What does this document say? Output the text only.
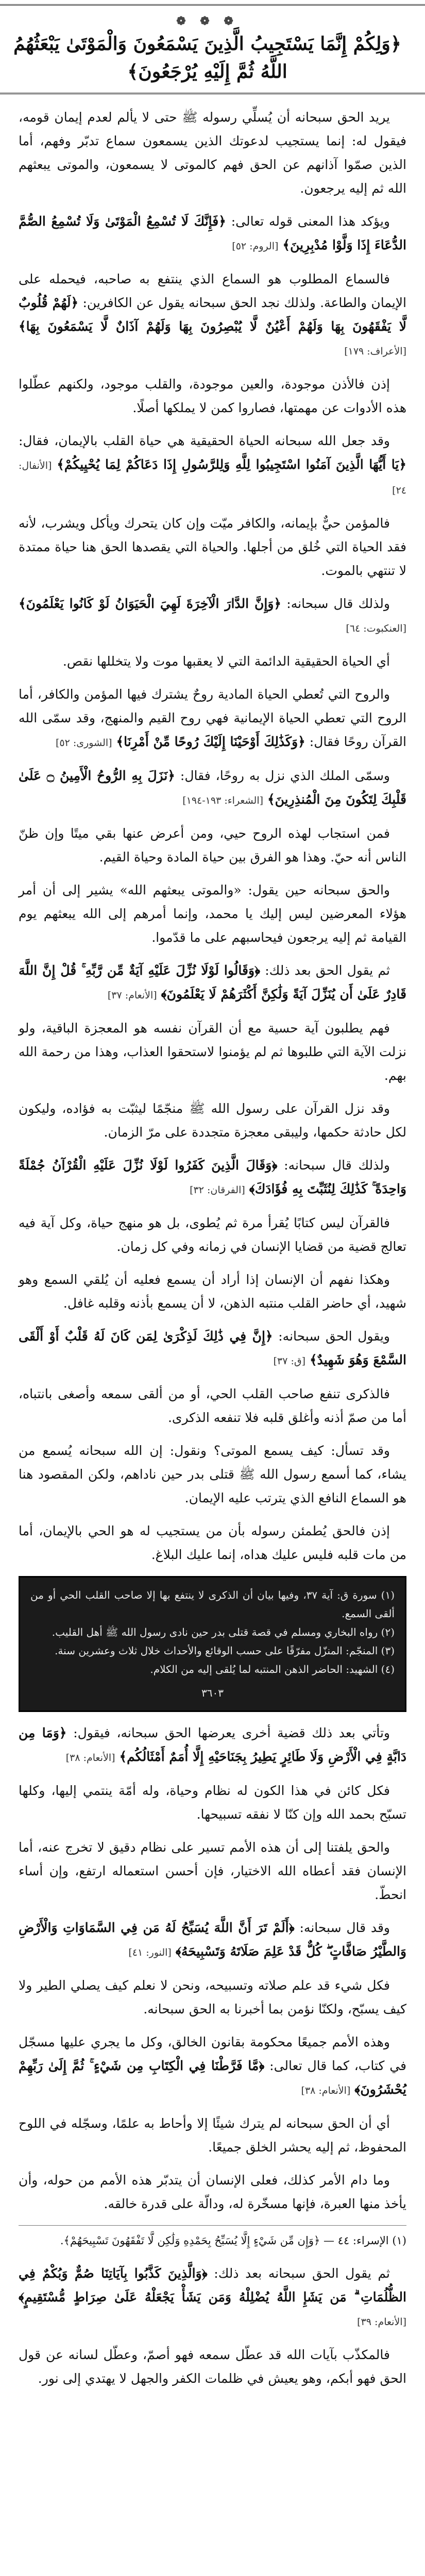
❁ ❁ ❁
﴿وَلِكُمْ إِنَّمَا يَسْتَجِيبُ الَّذِينَ يَسْمَعُونَ وَالْمَوْتَىٰ يَبْعَثُهُمُ اللَّهُ ثُمَّ إِلَيْهِ يُرْجَعُونَ﴾

يريد الحق سبحانه أن يُسلِّي رسوله ﷺ حتى لا يألم لعدم إيمان قومه، فيقول له: إنما يستجيب لدعوتك الذين يسمعون سماع تدبّر وفهم، أما الذين صمّوا آذانهم عن الحق فهم كالموتى لا يسمعون، والموتى يبعثهم الله ثم إليه يرجعون.

ويؤكد هذا المعنى قوله تعالى: ﴿فَإِنَّكَ لَا تُسْمِعُ الْمَوْتَىٰ وَلَا تُسْمِعُ الصُّمَّ الدُّعَاءَ إِذَا وَلَّوْا مُدْبِرِينَ﴾ [الروم: ٥٢]

فالسماع المطلوب هو السماع الذي ينتفع به صاحبه، فيحمله على الإيمان والطاعة. ولذلك نجد الحق سبحانه يقول عن الكافرين: ﴿لَهُمْ قُلُوبٌ لَّا يَفْقَهُونَ بِهَا وَلَهُمْ أَعْيُنٌ لَّا يُبْصِرُونَ بِهَا وَلَهُمْ آذَانٌ لَّا يَسْمَعُونَ بِهَا﴾ [الأعراف: ١٧٩]

إذن فالأذن موجودة، والعين موجودة، والقلب موجود، ولكنهم عطّلوا هذه الأدوات عن مهمتها، فصاروا كمن لا يملكها أصلًا.

وقد جعل الله سبحانه الحياة الحقيقية هي حياة القلب بالإيمان، فقال: ﴿يَا أَيُّهَا الَّذِينَ آمَنُوا اسْتَجِيبُوا لِلَّهِ وَلِلرَّسُولِ إِذَا دَعَاكُمْ لِمَا يُحْيِيكُمْ﴾ [الأنفال: ٢٤]

فالمؤمن حيٌّ بإيمانه، والكافر ميّت وإن كان يتحرك ويأكل ويشرب، لأنه فقد الحياة التي خُلق من أجلها. والحياة التي يقصدها الحق هنا حياة ممتدة لا تنتهي بالموت.

ولذلك قال سبحانه: ﴿وَإِنَّ الدَّارَ الْآخِرَةَ لَهِيَ الْحَيَوَانُ لَوْ كَانُوا يَعْلَمُونَ﴾ [العنكبوت: ٦٤]

أي الحياة الحقيقية الدائمة التي لا يعقبها موت ولا يتخللها نقص.

والروح التي تُعطي الحياة المادية روحٌ يشترك فيها المؤمن والكافر، أما الروح التي تعطي الحياة الإيمانية فهي روح القيم والمنهج، وقد سمّى الله القرآن روحًا فقال: ﴿وَكَذَٰلِكَ أَوْحَيْنَا إِلَيْكَ رُوحًا مِّنْ أَمْرِنَا﴾ [الشورى: ٥٢]

وسمّى الملك الذي نزل به روحًا، فقال: ﴿نَزَلَ بِهِ الرُّوحُ الْأَمِينُ ۝ عَلَىٰ قَلْبِكَ لِتَكُونَ مِنَ الْمُنذِرِينَ﴾ [الشعراء: ١٩٣-١٩٤]

فمن استجاب لهذه الروح حيي، ومن أعرض عنها بقي ميتًا وإن ظنّ الناس أنه حيّ. وهذا هو الفرق بين حياة المادة وحياة القيم.

والحق سبحانه حين يقول: «والموتى يبعثهم الله» يشير إلى أن أمر هؤلاء المعرضين ليس إليك يا محمد، وإنما أمرهم إلى الله يبعثهم يوم القيامة ثم إليه يرجعون فيحاسبهم على ما قدّموا.

ثم يقول الحق بعد ذلك: ﴿وَقَالُوا لَوْلَا نُزِّلَ عَلَيْهِ آيَةٌ مِّن رَّبِّهِ ۚ قُلْ إِنَّ اللَّهَ قَادِرٌ عَلَىٰ أَن يُنَزِّلَ آيَةً وَلَٰكِنَّ أَكْثَرَهُمْ لَا يَعْلَمُونَ﴾ [الأنعام: ٣٧]

فهم يطلبون آية حسية مع أن القرآن نفسه هو المعجزة الباقية، ولو نزلت الآية التي طلبوها ثم لم يؤمنوا لاستحقوا العذاب، وهذا من رحمة الله بهم.

وقد نزل القرآن على رسول الله ﷺ منجّمًا ليثبّت به فؤاده، وليكون لكل حادثة حكمها، وليبقى معجزة متجددة على مرّ الزمان.

ولذلك قال سبحانه: ﴿وَقَالَ الَّذِينَ كَفَرُوا لَوْلَا نُزِّلَ عَلَيْهِ الْقُرْآنُ جُمْلَةً وَاحِدَةً ۚ كَذَٰلِكَ لِنُثَبِّتَ بِهِ فُؤَادَكَ﴾ [الفرقان: ٣٢]

فالقرآن ليس كتابًا يُقرأ مرة ثم يُطوى، بل هو منهج حياة، وكل آية فيه تعالج قضية من قضايا الإنسان في زمانه وفي كل زمان.

وهكذا نفهم أن الإنسان إذا أراد أن يسمع فعليه أن يُلقي السمع وهو شهيد، أي حاضر القلب منتبه الذهن، لا أن يسمع بأذنه وقلبه غافل.

ويقول الحق سبحانه: ﴿إِنَّ فِي ذَٰلِكَ لَذِكْرَىٰ لِمَن كَانَ لَهُ قَلْبٌ أَوْ أَلْقَى السَّمْعَ وَهُوَ شَهِيدٌ﴾ [ق: ٣٧]

فالذكرى تنفع صاحب القلب الحي، أو من ألقى سمعه وأصغى بانتباه، أما من صمّ أذنه وأغلق قلبه فلا تنفعه الذكرى.

وقد تسأل: كيف يسمع الموتى؟ ونقول: إن الله سبحانه يُسمع من يشاء، كما أسمع رسول الله ﷺ قتلى بدر حين ناداهم، ولكن المقصود هنا هو السماع النافع الذي يترتب عليه الإيمان.

إذن فالحق يُطمئن رسوله بأن من يستجيب له هو الحي بالإيمان، أما من مات قلبه فليس عليك هداه، إنما عليك البلاغ.

(١) سورة ق: آية ٣٧، وفيها بيان أن الذكرى لا ينتفع بها إلا صاحب القلب الحي أو من ألقى السمع.
(٢) رواه البخاري ومسلم في قصة قتلى بدر حين نادى رسول الله ﷺ أهل القليب.
(٣) المنجّم: المنزّل مفرّقًا على حسب الوقائع والأحداث خلال ثلاث وعشرين سنة.
(٤) الشهيد: الحاضر الذهن المنتبه لما يُلقى إليه من الكلام.
٣٦٠٣

وتأتي بعد ذلك قضية أخرى يعرضها الحق سبحانه، فيقول: ﴿وَمَا مِن دَابَّةٍ فِي الْأَرْضِ وَلَا طَائِرٍ يَطِيرُ بِجَنَاحَيْهِ إِلَّا أُمَمٌ أَمْثَالُكُم﴾ [الأنعام: ٣٨]

فكل كائن في هذا الكون له نظام وحياة، وله أمّة ينتمي إليها، وكلها تسبّح بحمد الله وإن كنّا لا نفقه تسبيحها.

والحق يلفتنا إلى أن هذه الأمم تسير على نظام دقيق لا تخرج عنه، أما الإنسان فقد أعطاه الله الاختيار، فإن أحسن استعماله ارتفع، وإن أساء انحطّ.

وقد قال سبحانه: ﴿أَلَمْ تَرَ أَنَّ اللَّهَ يُسَبِّحُ لَهُ مَن فِي السَّمَاوَاتِ وَالْأَرْضِ وَالطَّيْرُ صَافَّاتٍ ۖ كُلٌّ قَدْ عَلِمَ صَلَاتَهُ وَتَسْبِيحَهُ﴾ [النور: ٤١]

فكل شيء قد علم صلاته وتسبيحه، ونحن لا نعلم كيف يصلي الطير ولا كيف يسبّح، ولكنّا نؤمن بما أخبرنا به الحق سبحانه.

وهذه الأمم جميعًا محكومة بقانون الخالق، وكل ما يجري عليها مسجّل في كتاب، كما قال تعالى: ﴿مَّا فَرَّطْنَا فِي الْكِتَابِ مِن شَيْءٍ ۚ ثُمَّ إِلَىٰ رَبِّهِمْ يُحْشَرُونَ﴾ [الأنعام: ٣٨]

أي أن الحق سبحانه لم يترك شيئًا إلا وأحاط به علمًا، وسجّله في اللوح المحفوظ، ثم إليه يحشر الخلق جميعًا.

وما دام الأمر كذلك، فعلى الإنسان أن يتدبّر هذه الأمم من حوله، وأن يأخذ منها العبرة، فإنها مسخّرة له، ودالّة على قدرة خالقه.

(١) الإسراء: ٤٤ — ﴿وَإِن مِّن شَيْءٍ إِلَّا يُسَبِّحُ بِحَمْدِهِ وَلَٰكِن لَّا تَفْقَهُونَ تَسْبِيحَهُمْ﴾.

ثم يقول الحق سبحانه بعد ذلك: ﴿وَالَّذِينَ كَذَّبُوا بِآيَاتِنَا صُمٌّ وَبُكْمٌ فِي الظُّلُمَاتِ ۗ مَن يَشَإِ اللَّهُ يُضْلِلْهُ وَمَن يَشَأْ يَجْعَلْهُ عَلَىٰ صِرَاطٍ مُّسْتَقِيمٍ﴾ [الأنعام: ٣٩]

فالمكذّب بآيات الله قد عطّل سمعه فهو أصمّ، وعطّل لسانه عن قول الحق فهو أبكم، وهو يعيش في ظلمات الكفر والجهل لا يهتدي إلى نور.
